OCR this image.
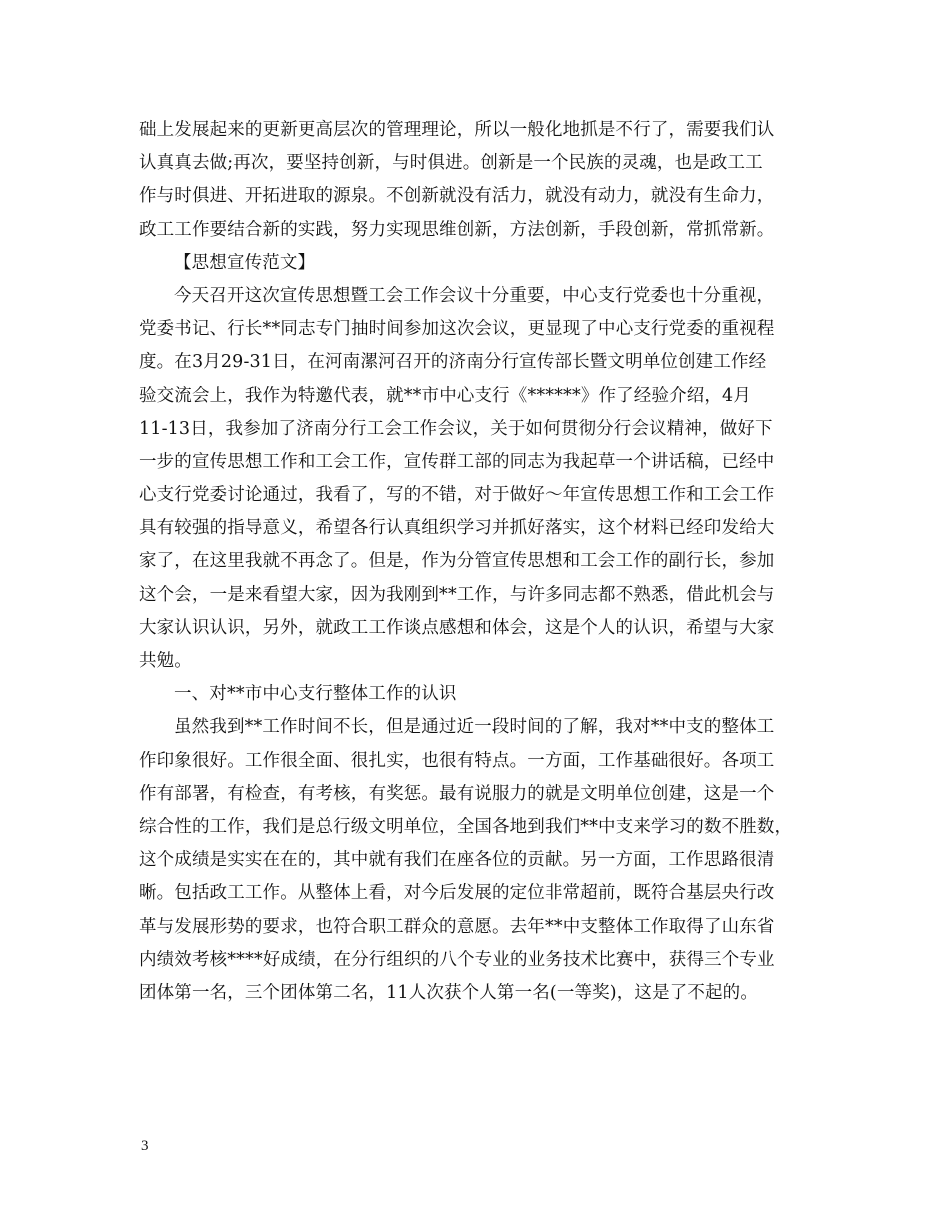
础上发展起来的更新更高层次的管理理论，所以一般化地抓是不行了，需要我们认
认真真去做;再次，要坚持创新，与时俱进。创新是一个民族的灵魂，也是政工工
作与时俱进、开拓进取的源泉。不创新就没有活力，就没有动力，就没有生命力，
政工工作要结合新的实践，努力实现思维创新，方法创新，手段创新，常抓常新。
【思想宣传范文】
今天召开这次宣传思想暨工会工作会议十分重要，中心支行党委也十分重视，
党委书记、行长**同志专门抽时间参加这次会议，更显现了中心支行党委的重视程
度。在3月29-31日，在河南漯河召开的济南分行宣传部长暨文明单位创建工作经
验交流会上，我作为特邀代表，就**市中心支行《******》作了经验介绍，4月
11-13日，我参加了济南分行工会工作会议，关于如何贯彻分行会议精神，做好下
一步的宣传思想工作和工会工作，宣传群工部的同志为我起草一个讲话稿，已经中
心支行党委讨论通过，我看了，写的不错，对于做好～年宣传思想工作和工会工作
具有较强的指导意义，希望各行认真组织学习并抓好落实，这个材料已经印发给大
家了，在这里我就不再念了。但是，作为分管宣传思想和工会工作的副行长，参加
这个会，一是来看望大家，因为我刚到**工作，与许多同志都不熟悉，借此机会与
大家认识认识，另外，就政工工作谈点感想和体会，这是个人的认识，希望与大家
共勉。
一、对**市中心支行整体工作的认识
虽然我到**工作时间不长，但是通过近一段时间的了解，我对**中支的整体工
作印象很好。工作很全面、很扎实，也很有特点。一方面，工作基础很好。各项工
作有部署，有检查，有考核，有奖惩。最有说服力的就是文明单位创建，这是一个
综合性的工作，我们是总行级文明单位，全国各地到我们**中支来学习的数不胜数，
这个成绩是实实在在的，其中就有我们在座各位的贡献。另一方面，工作思路很清
晰。包括政工工作。从整体上看，对今后发展的定位非常超前，既符合基层央行改
革与发展形势的要求，也符合职工群众的意愿。去年**中支整体工作取得了山东省
内绩效考核****好成绩，在分行组织的八个专业的业务技术比赛中，获得三个专业
团体第一名，三个团体第二名，11人次获个人第一名(一等奖)，这是了不起的。
3
